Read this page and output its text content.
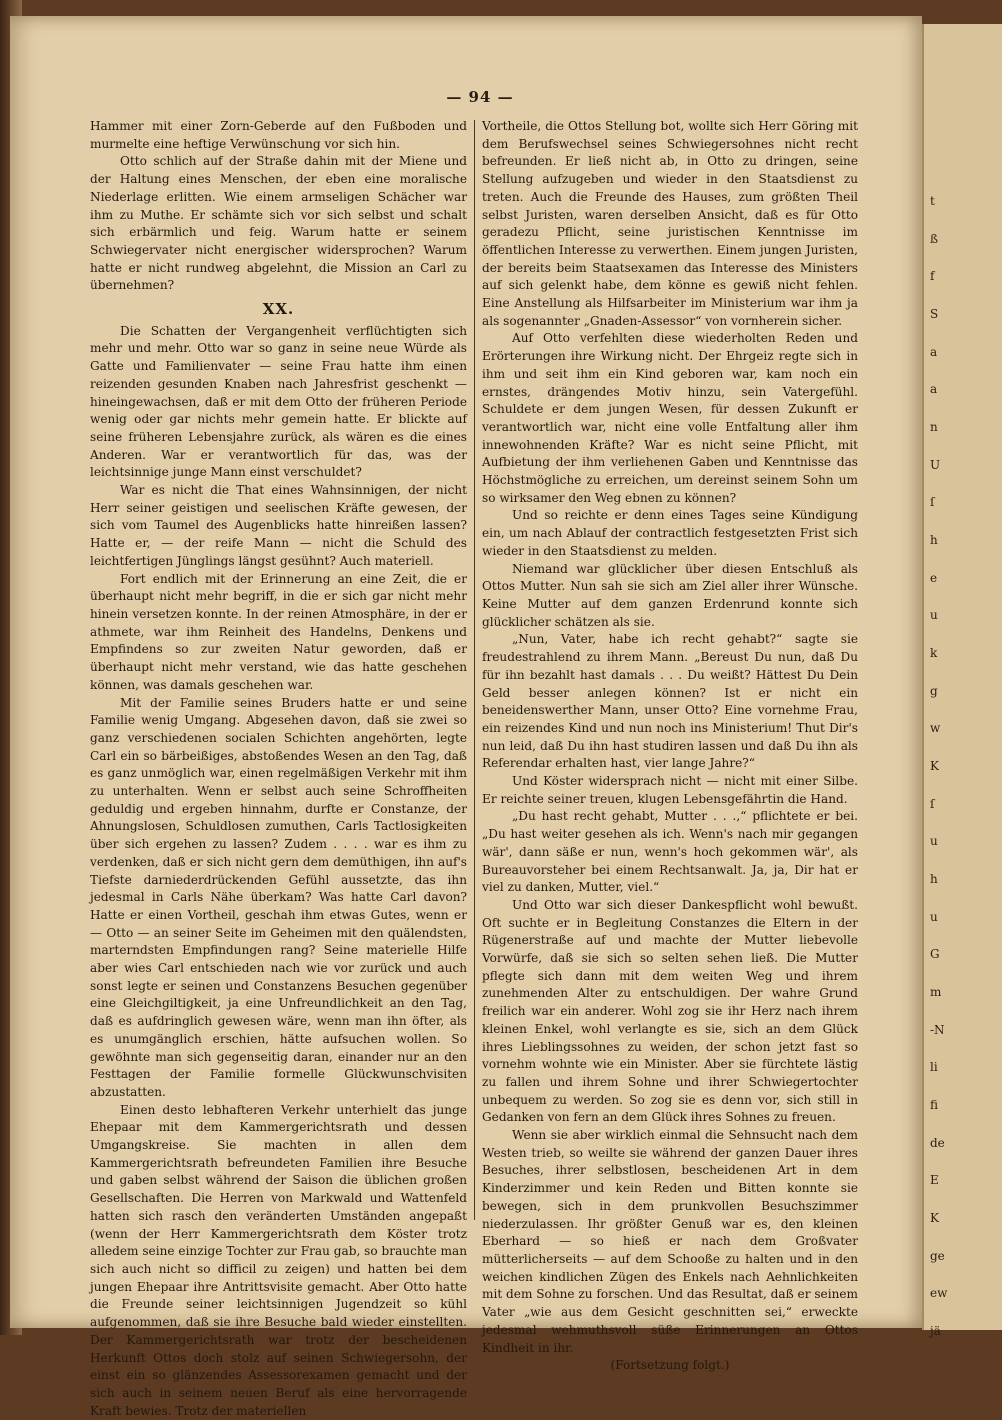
t
ß
f
S
a
a
n
U
ſ
h
e
u
k
g
w
K
ſ
u
h
u
G
m
-N
li
fi
de
E
K
ge
ew
jä
— 94 —

Hammer mit einer Zorn-Geberde auf den Fußboden und murmelte eine heftige Verwünschung vor sich hin.

Otto schlich auf der Straße dahin mit der Miene und der Haltung eines Menschen, der eben eine moralische Niederlage erlitten. Wie einem armseligen Schächer war ihm zu Muthe. Er schämte sich vor sich selbst und schalt sich erbärmlich und feig. Warum hatte er seinem Schwiegervater nicht energischer widersprochen? Warum hatte er nicht rundweg abgelehnt, die Mission an Carl zu übernehmen?

XX.

Die Schatten der Vergangenheit verflüchtigten sich mehr und mehr. Otto war so ganz in seine neue Würde als Gatte und Familienvater — seine Frau hatte ihm einen reizenden gesunden Knaben nach Jahresfrist geschenkt — hineingewachsen, daß er mit dem Otto der früheren Periode wenig oder gar nichts mehr gemein hatte. Er blickte auf seine früheren Lebensjahre zurück, als wären es die eines Anderen. War er verantwortlich für das, was der leichtsinnige junge Mann einst verschuldet?

War es nicht die That eines Wahnsinnigen, der nicht Herr seiner geistigen und seelischen Kräfte gewesen, der sich vom Taumel des Augenblicks hatte hinreißen lassen? Hatte er, — der reife Mann — nicht die Schuld des leichtfertigen Jünglings längst gesühnt? Auch materiell.

Fort endlich mit der Erinnerung an eine Zeit, die er überhaupt nicht mehr begriff, in die er sich gar nicht mehr hinein versetzen konnte. In der reinen Atmosphäre, in der er athmete, war ihm Reinheit des Handelns, Denkens und Empfindens so zur zweiten Natur geworden, daß er überhaupt nicht mehr verstand, wie das hatte geschehen können, was damals geschehen war.

Mit der Familie seines Bruders hatte er und seine Familie wenig Umgang. Abgesehen davon, daß sie zwei so ganz verschiedenen socialen Schichten angehörten, legte Carl ein so bärbeißiges, abstoßendes Wesen an den Tag, daß es ganz unmöglich war, einen regelmäßigen Verkehr mit ihm zu unterhalten. Wenn er selbst auch seine Schroffheiten geduldig und ergeben hinnahm, durfte er Constanze, der Ahnungslosen, Schuldlosen zumuthen, Carls Tactlosigkeiten über sich ergehen zu lassen? Zudem . . . . war es ihm zu verdenken, daß er sich nicht gern dem demüthigen, ihn auf's Tiefste darniederdrückenden Gefühl aussetzte, das ihn jedesmal in Carls Nähe überkam? Was hatte Carl davon? Hatte er einen Vortheil, geschah ihm etwas Gutes, wenn er — Otto — an seiner Seite im Geheimen mit den quälendsten, marterndsten Empfindungen rang? Seine materielle Hilfe aber wies Carl entschieden nach wie vor zurück und auch sonst legte er seinen und Constanzens Besuchen gegenüber eine Gleichgiltigkeit, ja eine Unfreundlichkeit an den Tag, daß es aufdringlich gewesen wäre, wenn man ihn öfter, als es unumgänglich erschien, hätte aufsuchen wollen. So gewöhnte man sich gegenseitig daran, einander nur an den Festtagen der Familie formelle Glückwunschvisiten abzustatten.

Einen desto lebhafteren Verkehr unterhielt das junge Ehepaar mit dem Kammergerichtsrath und dessen Umgangskreise. Sie machten in allen dem Kammergerichtsrath befreundeten Familien ihre Besuche und gaben selbst während der Saison die üblichen großen Gesellschaften. Die Herren von Markwald und Wattenfeld hatten sich rasch den veränderten Umständen angepaßt (wenn der Herr Kammergerichtsrath dem Köster trotz alledem seine einzige Tochter zur Frau gab, so brauchte man sich auch nicht so difficil zu zeigen) und hatten bei dem jungen Ehepaar ihre Antrittsvisite gemacht. Aber Otto hatte die Freunde seiner leichtsinnigen Jugendzeit so kühl aufgenommen, daß sie ihre Besuche bald wieder einstellten. Der Kammergerichtsrath war trotz der bescheidenen Herkunft Ottos doch stolz auf seinen Schwiegersohn, der einst ein so glänzendes Assessorexamen gemacht und der sich auch in seinem neuen Beruf als eine hervorragende Kraft bewies. Trotz der materiellen

Vortheile, die Ottos Stellung bot, wollte sich Herr Göring mit dem Berufswechsel seines Schwiegersohnes nicht recht befreunden. Er ließ nicht ab, in Otto zu dringen, seine Stellung aufzugeben und wieder in den Staatsdienst zu treten. Auch die Freunde des Hauses, zum größten Theil selbst Juristen, waren derselben Ansicht, daß es für Otto geradezu Pflicht, seine juristischen Kenntnisse im öffentlichen Interesse zu verwerthen. Einem jungen Juristen, der bereits beim Staatsexamen das Interesse des Ministers auf sich gelenkt habe, dem könne es gewiß nicht fehlen. Eine Anstellung als Hilfsarbeiter im Ministerium war ihm ja als sogenannter „Gnaden-Assessor“ von vornherein sicher.

Auf Otto verfehlten diese wiederholten Reden und Erörterungen ihre Wirkung nicht. Der Ehrgeiz regte sich in ihm und seit ihm ein Kind geboren war, kam noch ein ernstes, drängendes Motiv hinzu, sein Vatergefühl. Schuldete er dem jungen Wesen, für dessen Zukunft er verantwortlich war, nicht eine volle Entfaltung aller ihm innewohnenden Kräfte? War es nicht seine Pflicht, mit Aufbietung der ihm verliehenen Gaben und Kenntnisse das Höchstmögliche zu erreichen, um dereinst seinem Sohn um so wirksamer den Weg ebnen zu können?

Und so reichte er denn eines Tages seine Kündigung ein, um nach Ablauf der contractlich festgesetzten Frist sich wieder in den Staatsdienst zu melden.

Niemand war glücklicher über diesen Entschluß als Ottos Mutter. Nun sah sie sich am Ziel aller ihrer Wünsche. Keine Mutter auf dem ganzen Erdenrund konnte sich glücklicher schätzen als sie.

„Nun, Vater, habe ich recht gehabt?“ sagte sie freudestrahlend zu ihrem Mann. „Bereust Du nun, daß Du für ihn bezahlt hast damals . . . Du weißt? Hättest Du Dein Geld besser anlegen können? Ist er nicht ein beneidenswerther Mann, unser Otto? Eine vornehme Frau, ein reizendes Kind und nun noch ins Ministerium! Thut Dir's nun leid, daß Du ihn hast studiren lassen und daß Du ihn als Referendar erhalten hast, vier lange Jahre?“

Und Köster widersprach nicht — nicht mit einer Silbe. Er reichte seiner treuen, klugen Lebensgefährtin die Hand.

„Du hast recht gehabt, Mutter . . .,“ pflichtete er bei. „Du hast weiter gesehen als ich. Wenn's nach mir gegangen wär', dann säße er nun, wenn's hoch gekommen wär', als Bureauvorsteher bei einem Rechtsanwalt. Ja, ja, Dir hat er viel zu danken, Mutter, viel.“

Und Otto war sich dieser Dankespflicht wohl bewußt. Oft suchte er in Begleitung Constanzes die Eltern in der Rügenerstraße auf und machte der Mutter liebevolle Vorwürfe, daß sie sich so selten sehen ließ. Die Mutter pflegte sich dann mit dem weiten Weg und ihrem zunehmenden Alter zu entschuldigen. Der wahre Grund freilich war ein anderer. Wohl zog sie ihr Herz nach ihrem kleinen Enkel, wohl verlangte es sie, sich an dem Glück ihres Lieblingssohnes zu weiden, der schon jetzt fast so vornehm wohnte wie ein Minister. Aber sie fürchtete lästig zu fallen und ihrem Sohne und ihrer Schwiegertochter unbequem zu werden. So zog sie es denn vor, sich still in Gedanken von fern an dem Glück ihres Sohnes zu freuen.

Wenn sie aber wirklich einmal die Sehnsucht nach dem Westen trieb, so weilte sie während der ganzen Dauer ihres Besuches, ihrer selbstlosen, bescheidenen Art in dem Kinderzimmer und kein Reden und Bitten konnte sie bewegen, sich in dem prunkvollen Besuchszimmer niederzulassen. Ihr größter Genuß war es, den kleinen Eberhard — so hieß er nach dem Großvater mütterlicherseits — auf dem Schooße zu halten und in den weichen kindlichen Zügen des Enkels nach Aehnlichkeiten mit dem Sohne zu forschen. Und das Resultat, daß er seinem Vater „wie aus dem Gesicht geschnitten sei,“ erweckte jedesmal wehmuthsvoll süße Erinnerungen an Ottos Kindheit in ihr.

(Fortsetzung folgt.)
